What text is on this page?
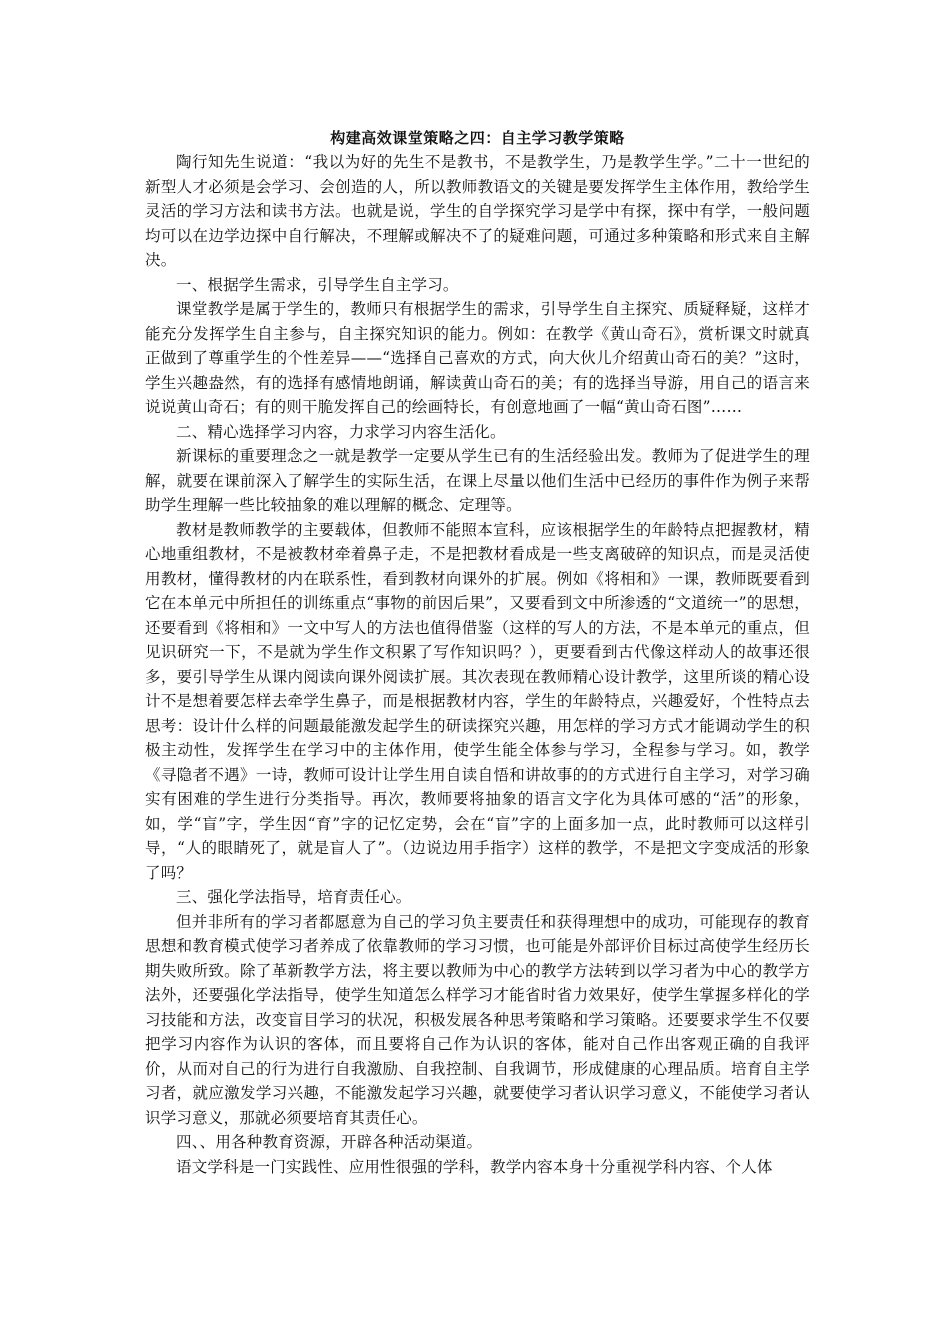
构建高效课堂策略之四：自主学习教学策略

陶行知先生说道：“我以为好的先生不是教书，不是教学生，乃是教学生学。”二十一世纪的新型人才必须是会学习、会创造的人，所以教师教语文的关键是要发挥学生主体作用，教给学生灵活的学习方法和读书方法。也就是说，学生的自学探究学习是学中有探，探中有学，一般问题均可以在边学边探中自行解决，不理解或解决不了的疑难问题，可通过多种策略和形式来自主解决。

一、根据学生需求，引导学生自主学习。

课堂教学是属于学生的，教师只有根据学生的需求，引导学生自主探究、质疑释疑，这样才能充分发挥学生自主参与，自主探究知识的能力。例如：在教学《黄山奇石》，赏析课文时就真正做到了尊重学生的个性差异——“选择自己喜欢的方式，向大伙儿介绍黄山奇石的美？”这时，学生兴趣盎然，有的选择有感情地朗诵，解读黄山奇石的美；有的选择当导游，用自己的语言来说说黄山奇石；有的则干脆发挥自己的绘画特长，有创意地画了一幅“黄山奇石图”……

二、精心选择学习内容，力求学习内容生活化。

新课标的重要理念之一就是教学一定要从学生已有的生活经验出发。教师为了促进学生的理解，就要在课前深入了解学生的实际生活，在课上尽量以他们生活中已经历的事件作为例子来帮助学生理解一些比较抽象的难以理解的概念、定理等。

教材是教师教学的主要载体，但教师不能照本宣科，应该根据学生的年龄特点把握教材，精心地重组教材，不是被教材牵着鼻子走，不是把教材看成是一些支离破碎的知识点，而是灵活使用教材，懂得教材的内在联系性，看到教材向课外的扩展。例如《将相和》一课，教师既要看到它在本单元中所担任的训练重点“事物的前因后果”，又要看到文中所渗透的“文道统一”的思想，还要看到《将相和》一文中写人的方法也值得借鉴（这样的写人的方法，不是本单元的重点，但见识研究一下，不是就为学生作文积累了写作知识吗？），更要看到古代像这样动人的故事还很多，要引导学生从课内阅读向课外阅读扩展。其次表现在教师精心设计教学，这里所谈的精心设计不是想着要怎样去牵学生鼻子，而是根据教材内容，学生的年龄特点，兴趣爱好，个性特点去思考：设计什么样的问题最能激发起学生的研读探究兴趣，用怎样的学习方式才能调动学生的积极主动性，发挥学生在学习中的主体作用，使学生能全体参与学习，全程参与学习。如，教学《寻隐者不遇》一诗，教师可设计让学生用自读自悟和讲故事的的方式进行自主学习，对学习确实有困难的学生进行分类指导。再次，教师要将抽象的语言文字化为具体可感的“活”的形象，如，学“盲”字，学生因“育”字的记忆定势，会在“盲”字的上面多加一点，此时教师可以这样引导，“人的眼睛死了，就是盲人了”。（边说边用手指字）这样的教学，不是把文字变成活的形象了吗？

三、强化学法指导，培育责任心。

但并非所有的学习者都愿意为自己的学习负主要责任和获得理想中的成功，可能现存的教育思想和教育模式使学习者养成了依靠教师的学习习惯，也可能是外部评价目标过高使学生经历长期失败所致。除了革新教学方法，将主要以教师为中心的教学方法转到以学习者为中心的教学方法外，还要强化学法指导，使学生知道怎么样学习才能省时省力效果好，使学生掌握多样化的学习技能和方法，改变盲目学习的状况，积极发展各种思考策略和学习策略。还要要求学生不仅要把学习内容作为认识的客体，而且要将自己作为认识的客体，能对自己作出客观正确的自我评价，从而对自己的行为进行自我激励、自我控制、自我调节，形成健康的心理品质。培育自主学习者，就应激发学习兴趣，不能激发起学习兴趣，就要使学习者认识学习意义，不能使学习者认识学习意义，那就必须要培育其责任心。

四、、用各种教育资源，开辟各种活动渠道。

语文学科是一门实践性、应用性很强的学科，教学内容本身十分重视学科内容、个人体
